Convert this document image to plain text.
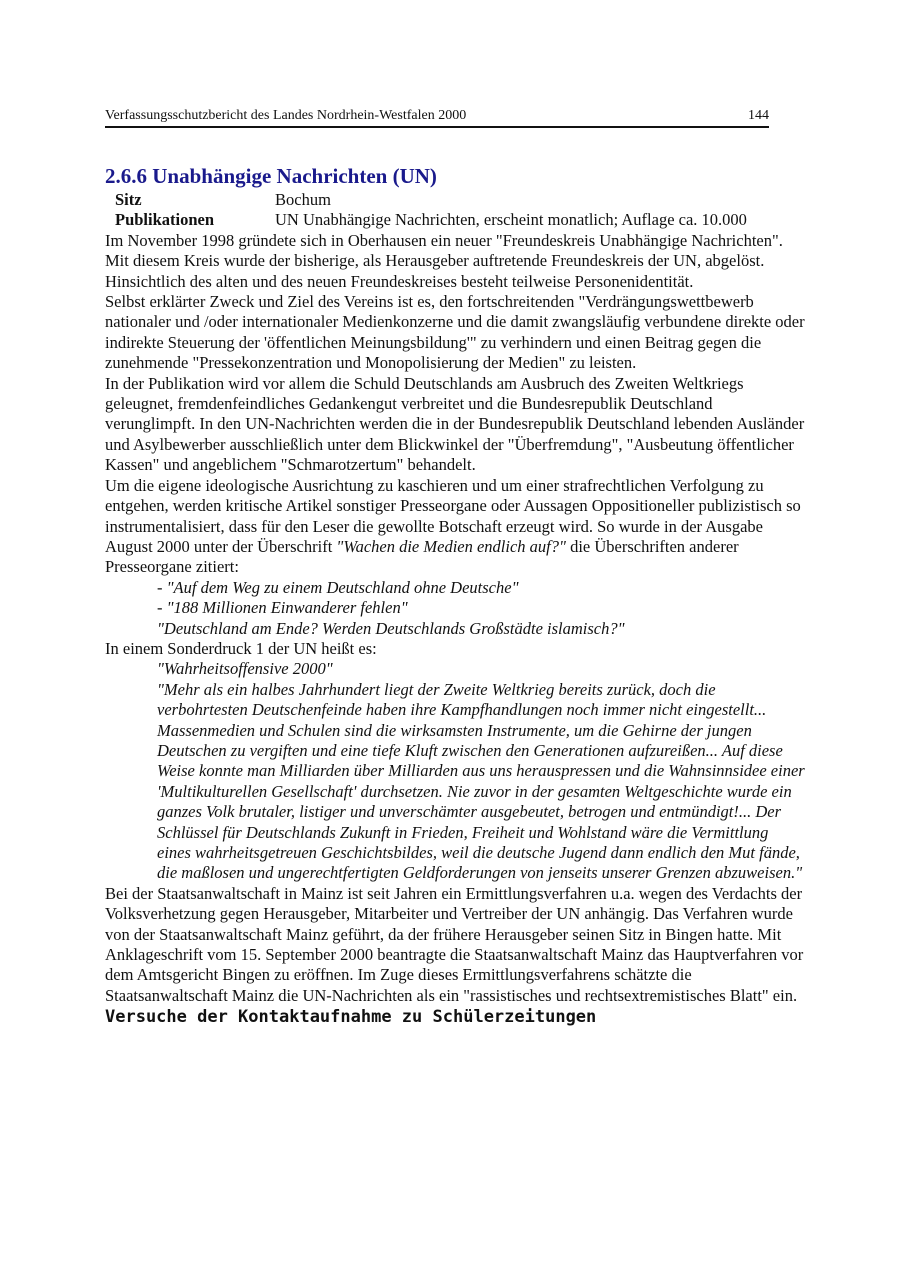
Verfassungsschutzbericht des Landes Nordrhein-Westfalen 2000	144
2.6.6 Unabhängige Nachrichten (UN)
Sitz	Bochum
Publikationen	UN Unabhängige Nachrichten, erscheint monatlich; Auflage ca. 10.000

Im November 1998 gründete sich in Oberhausen ein neuer "Freundeskreis Unabhängige Nachrichten". Mit diesem Kreis wurde der bisherige, als Herausgeber auftretende Freundeskreis der UN, abgelöst. Hinsichtlich des alten und des neuen Freundeskreises besteht teilweise Personenidentität.

Selbst erklärter Zweck und Ziel des Vereins ist es, den fortschreitenden "Verdrängungswettbewerb nationaler und /oder internationaler Medienkonzerne und die damit zwangsläufig verbundene direkte oder indirekte Steuerung der 'öffentlichen Meinungsbildung'" zu verhindern und einen Beitrag gegen die zunehmende "Pressekonzentration und Monopolisierung der Medien" zu leisten.

In der Publikation wird vor allem die Schuld Deutschlands am Ausbruch des Zweiten Weltkriegs geleugnet, fremdenfeindliches Gedankengut verbreitet und die Bundesrepublik Deutschland verunglimpft. In den UN-Nachrichten werden die in der Bundesrepublik Deutschland lebenden Ausländer und Asylbewerber ausschließlich unter dem Blickwinkel der "Überfremdung", "Ausbeutung öffentlicher Kassen" und angeblichem "Schmarotzertum" behandelt.

Um die eigene ideologische Ausrichtung zu kaschieren und um einer strafrechtlichen Verfolgung zu entgehen, werden kritische Artikel sonstiger Presseorgane oder Aussagen Oppositioneller publizistisch so instrumentalisiert, dass für den Leser die gewollte Botschaft erzeugt wird. So wurde in der Ausgabe August 2000 unter der Überschrift "Wachen die Medien endlich auf?" die Überschriften anderer Presseorgane zitiert:

- "Auf dem Weg zu einem Deutschland ohne Deutsche"

- "188 Millionen Einwanderer fehlen"

"Deutschland am Ende? Werden Deutschlands Großstädte islamisch?"

In einem Sonderdruck 1 der UN heißt es:

"Wahrheitsoffensive 2000"

"Mehr als ein halbes Jahrhundert liegt der Zweite Weltkrieg bereits zurück, doch die verbohrtesten Deutschenfeinde haben ihre Kampfhandlungen noch immer nicht eingestellt... Massenmedien und Schulen sind die wirksamsten Instrumente, um die Gehirne der jungen Deutschen zu vergiften und eine tiefe Kluft zwischen den Generationen aufzureißen... Auf diese Weise konnte man Milliarden über Milliarden aus uns herauspressen und die Wahnsinnsidee einer 'Multikulturellen Gesellschaft' durchsetzen. Nie zuvor in der gesamten Weltgeschichte wurde ein ganzes Volk brutaler, listiger und unverschämter ausgebeutet, betrogen und entmündigt!... Der Schlüssel für Deutschlands Zukunft in Frieden, Freiheit und Wohlstand wäre die Vermittlung eines wahrheitsgetreuen Geschichtsbildes, weil die deutsche Jugend dann endlich den Mut fände, die maßlosen und ungerechtfertigten Geldforderungen von jenseits unserer Grenzen abzuweisen."

Bei der Staatsanwaltschaft in Mainz ist seit Jahren ein Ermittlungsverfahren u.a. wegen des Verdachts der Volksverhetzung gegen Herausgeber, Mitarbeiter und Vertreiber der UN anhängig. Das Verfahren wurde von der Staatsanwaltschaft Mainz geführt, da der frühere Herausgeber seinen Sitz in Bingen hatte. Mit Anklageschrift vom 15. September 2000 beantragte die Staatsanwaltschaft Mainz das Hauptverfahren vor dem Amtsgericht Bingen zu eröffnen. Im Zuge dieses Ermittlungsverfahrens schätzte die Staatsanwaltschaft Mainz die UN-Nachrichten als ein "rassistisches und rechtsextremistisches Blatt" ein.

Versuche der Kontaktaufnahme zu Schülerzeitungen
